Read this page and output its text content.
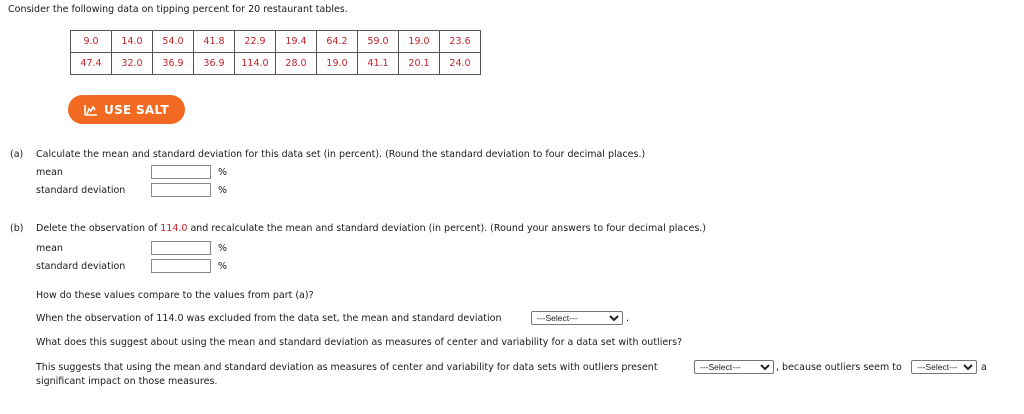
Consider the following data on tipping percent for 20 restaurant tables.
9.0	14.0	54.0	41.8	22.9	19.4	64.2	59.0	19.0	23.6
47.4	32.0	36.9	36.9	114.0	28.0	19.0	41.1	20.1	24.0
USE SALT
(a) Calculate the mean and standard deviation for this data set (in percent). (Round the standard deviation to four decimal places.)
mean	%
standard deviation	%
(b) Delete the observation of 114.0 and recalculate the mean and standard deviation (in percent). (Round your answers to four decimal places.)
mean	%
standard deviation	%
How do these values compare to the values from part (a)?
When the observation of 114.0 was excluded from the data set, the mean and standard deviation
---Select---	.
What does this suggest about using the mean and standard deviation as measures of center and variability for a data set with outliers?
This suggests that using the mean and standard deviation as measures of center and variability for data sets with outliers present
---Select---	, because outliers seem to
---Select---	a
significant impact on those measures.
